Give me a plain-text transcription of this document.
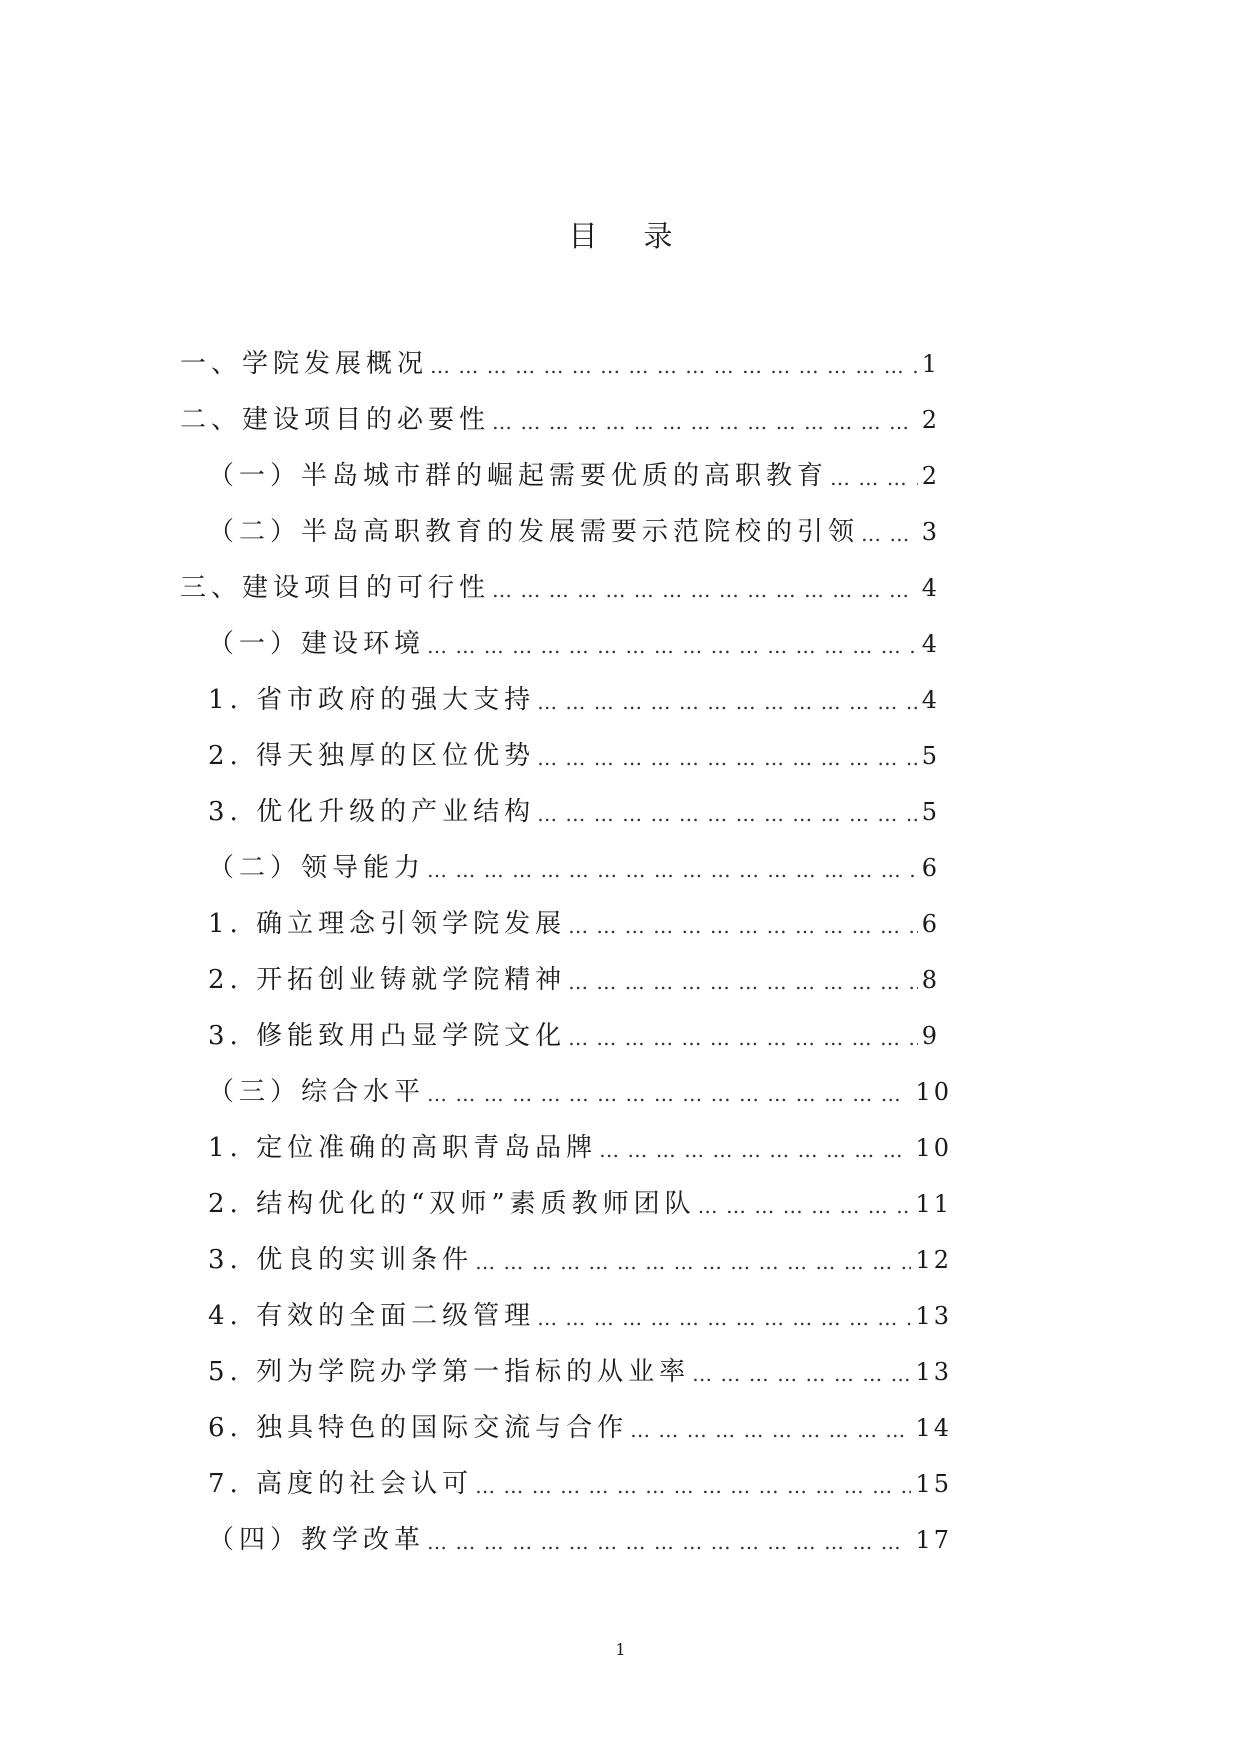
目录
一、学院发展概况 … … … … … … … … … … … … … … … … … … … … … … … … … … … … … … … … … … … … … … … … … … … … … … … … … … … … … … … … … … … … … … …	1
二、建设项目的必要性 … … … … … … … … … … … … … … … … … … … … … … … … … … … … … … … … … … … … … … … … … … … … … … … … … … … … … … … … … … … … … … …	2
（一）半岛城市群的崛起需要优质的高职教育 … … … … … … … … … … … … … … … … … … … … … … … … … … … … … … … … … … … … … … … … … … … … … … … … … … … … … … … … … … … … … … …	2
（二）半岛高职教育的发展需要示范院校的引领 … … … … … … … … … … … … … … … … … … … … … … … … … … … … … … … … … … … … … … … … … … … … … … … … … … … … … … … … … … … … … … …	3
三、建设项目的可行性 … … … … … … … … … … … … … … … … … … … … … … … … … … … … … … … … … … … … … … … … … … … … … … … … … … … … … … … … … … … … … … …	4
（一）建设环境 … … … … … … … … … … … … … … … … … … … … … … … … … … … … … … … … … … … … … … … … … … … … … … … … … … … … … … … … … … … … … … …	4
1. 省市政府的强大支持 … … … … … … … … … … … … … … … … … … … … … … … … … … … … … … … … … … … … … … … … … … … … … … … … … … … … … … … … … … … … … … …	4
2. 得天独厚的区位优势 … … … … … … … … … … … … … … … … … … … … … … … … … … … … … … … … … … … … … … … … … … … … … … … … … … … … … … … … … … … … … … …	5
3. 优化升级的产业结构 … … … … … … … … … … … … … … … … … … … … … … … … … … … … … … … … … … … … … … … … … … … … … … … … … … … … … … … … … … … … … … …	5
（二）领导能力 … … … … … … … … … … … … … … … … … … … … … … … … … … … … … … … … … … … … … … … … … … … … … … … … … … … … … … … … … … … … … … …	6
1. 确立理念引领学院发展 … … … … … … … … … … … … … … … … … … … … … … … … … … … … … … … … … … … … … … … … … … … … … … … … … … … … … … … … … … … … … … …	6
2. 开拓创业铸就学院精神 … … … … … … … … … … … … … … … … … … … … … … … … … … … … … … … … … … … … … … … … … … … … … … … … … … … … … … … … … … … … … … …	8
3. 修能致用凸显学院文化 … … … … … … … … … … … … … … … … … … … … … … … … … … … … … … … … … … … … … … … … … … … … … … … … … … … … … … … … … … … … … … …	9
（三）综合水平 … … … … … … … … … … … … … … … … … … … … … … … … … … … … … … … … … … … … … … … … … … … … … … … … … … … … … … … … … … … … … … …	10
1. 定位准确的高职青岛品牌 … … … … … … … … … … … … … … … … … … … … … … … … … … … … … … … … … … … … … … … … … … … … … … … … … … … … … … … … … … … … … … …	10
2. 结构优化的“双师”素质教师团队 … … … … … … … … … … … … … … … … … … … … … … … … … … … … … … … … … … … … … … … … … … … … … … … … … … … … … … … … … … … … … … …	11
3. 优良的实训条件 … … … … … … … … … … … … … … … … … … … … … … … … … … … … … … … … … … … … … … … … … … … … … … … … … … … … … … … … … … … … … … …	12
4. 有效的全面二级管理 … … … … … … … … … … … … … … … … … … … … … … … … … … … … … … … … … … … … … … … … … … … … … … … … … … … … … … … … … … … … … … …	13
5. 列为学院办学第一指标的从业率 … … … … … … … … … … … … … … … … … … … … … … … … … … … … … … … … … … … … … … … … … … … … … … … … … … … … … … … … … … … … … … …	13
6. 独具特色的国际交流与合作 … … … … … … … … … … … … … … … … … … … … … … … … … … … … … … … … … … … … … … … … … … … … … … … … … … … … … … … … … … … … … … …	14
7. 高度的社会认可 … … … … … … … … … … … … … … … … … … … … … … … … … … … … … … … … … … … … … … … … … … … … … … … … … … … … … … … … … … … … … … …	15
（四）教学改革 … … … … … … … … … … … … … … … … … … … … … … … … … … … … … … … … … … … … … … … … … … … … … … … … … … … … … … … … … … … … … … …	17
1
